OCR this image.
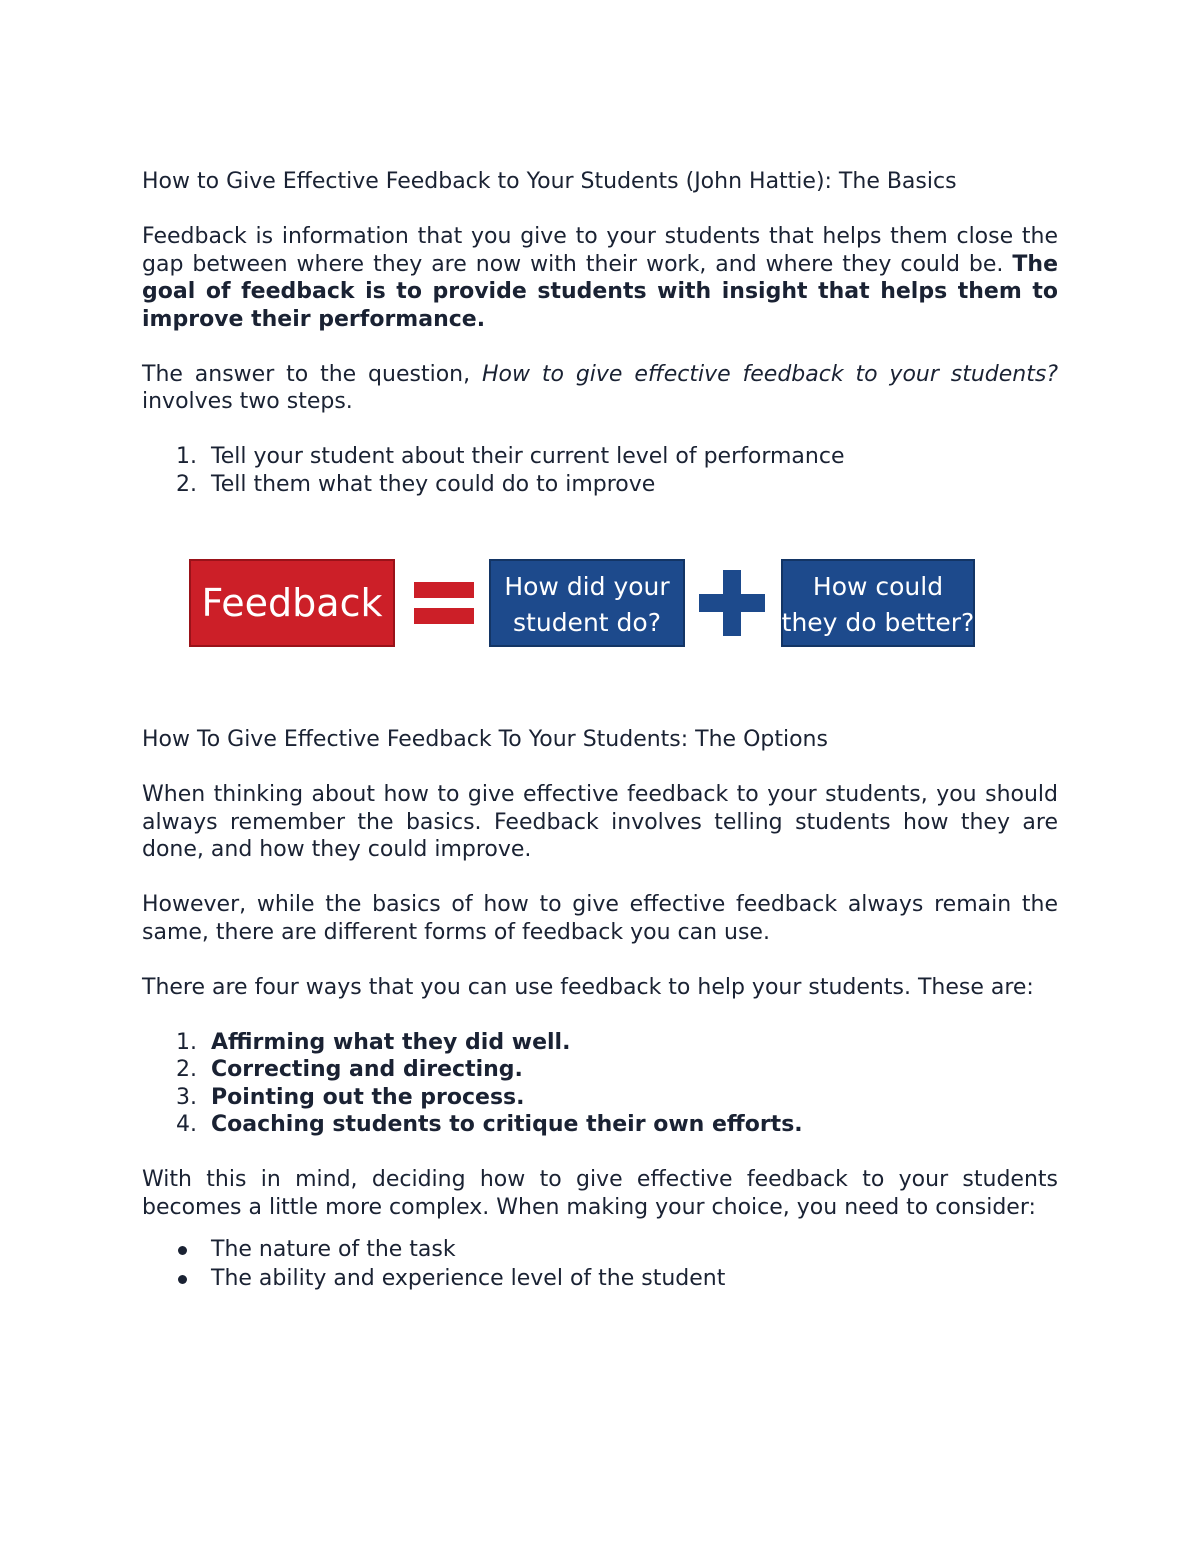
How to Give Effective Feedback to Your Students (John Hattie): The Basics

Feedback is information that you give to your students that helps them close the gap between where they are now with their work, and where they could be. The goal of feedback is to provide students with insight that helps them to improve their performance.

The answer to the question, How to give effective feedback to your students? involves two steps.

1. Tell your student about their current level of performance
2. Tell them what they could do to improve
Feedback	How did your
student do?
How could
they do better?

How To Give Effective Feedback To Your Students: The Options

When thinking about how to give effective feedback to your students, you should always remember the basics. Feedback involves telling students how they are done, and how they could improve.

However, while the basics of how to give effective feedback always remain the same, there are different forms of feedback you can use.

There are four ways that you can use feedback to help your students. These are:

1. Affirming what they did well.
2. Correcting and directing.
3. Pointing out the process.
4. Coaching students to critique their own efforts.

With this in mind, deciding how to give effective feedback to your students becomes a little more complex. When making your choice, you need to consider:

The nature of the task
The ability and experience level of the student
